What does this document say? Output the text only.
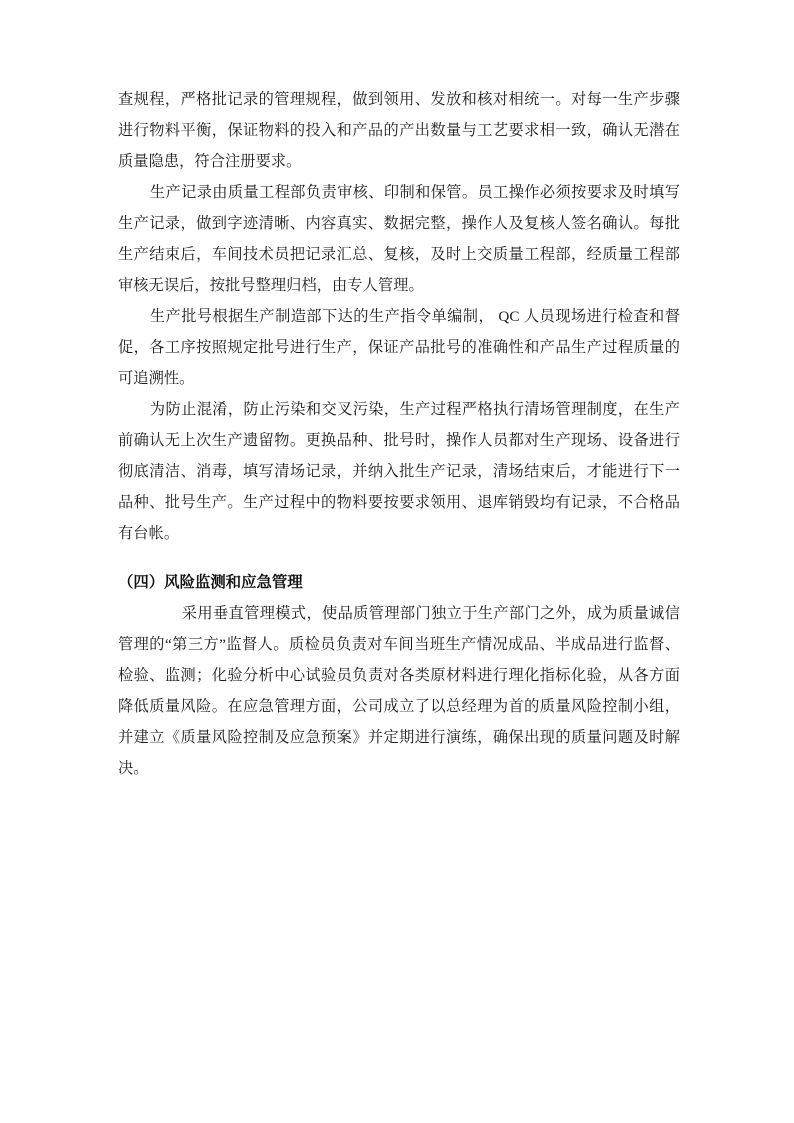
查规程，严格批记录的管理规程，做到领用、发放和核对相统一。对每一生产步骤进行物料平衡，保证物料的投入和产品的产出数量与工艺要求相一致，确认无潜在质量隐患，符合注册要求。

生产记录由质量工程部负责审核、印制和保管。员工操作必须按要求及时填写生产记录，做到字迹清晰、内容真实、数据完整，操作人及复核人签名确认。每批生产结束后，车间技术员把记录汇总、复核，及时上交质量工程部，经质量工程部审核无误后，按批号整理归档，由专人管理。

生产批号根据生产制造部下达的生产指令单编制， QC 人员现场进行检查和督促，各工序按照规定批号进行生产，保证产品批号的准确性和产品生产过程质量的可追溯性。

为防止混淆，防止污染和交叉污染，生产过程严格执行清场管理制度，在生产前确认无上次生产遗留物。更换品种、批号时，操作人员都对生产现场、设备进行彻底清洁、消毒，填写清场记录，并纳入批生产记录，清场结束后，才能进行下一品种、批号生产。生产过程中的物料要按要求领用、退库销毁均有记录，不合格品有台帐。

（四）风险监测和应急管理

采用垂直管理模式，使品质管理部门独立于生产部门之外，成为质量诚信管理的“第三方”监督人。质检员负责对车间当班生产情况成品、半成品进行监督、检验、监测；化验分析中心试验员负责对各类原材料进行理化指标化验，从各方面降低质量风险。在应急管理方面，公司成立了以总经理为首的质量风险控制小组，并建立《质量风险控制及应急预案》并定期进行演练，确保出现的质量问题及时解决。
